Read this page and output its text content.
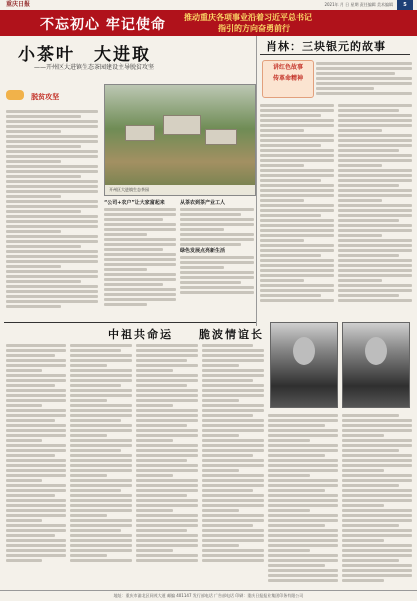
重庆日报	2021年 月 日 星期 责任编辑 美术编辑	5
不忘初心 牢记使命 推动重庆各项事业沿着习近平总书记
指引的方向奋勇前行
小茶叶　大进取
——开州区大进镇生态茶园建设主导脱贫攻坚
脱贫攻坚
开州区大进镇生态茶园
“公司+农户”让大家富起来	从茶农到茶产业工人
绿色发展点亮新生活
肖林：三块银元的故事
讲红色故事
传革命精神
中祖共命运　　脆波情谊长
地址：重庆市渝北区同茂大道 邮编 401147 发行部电话 广告部电话 印刷：重庆日报报业集团印务有限公司
